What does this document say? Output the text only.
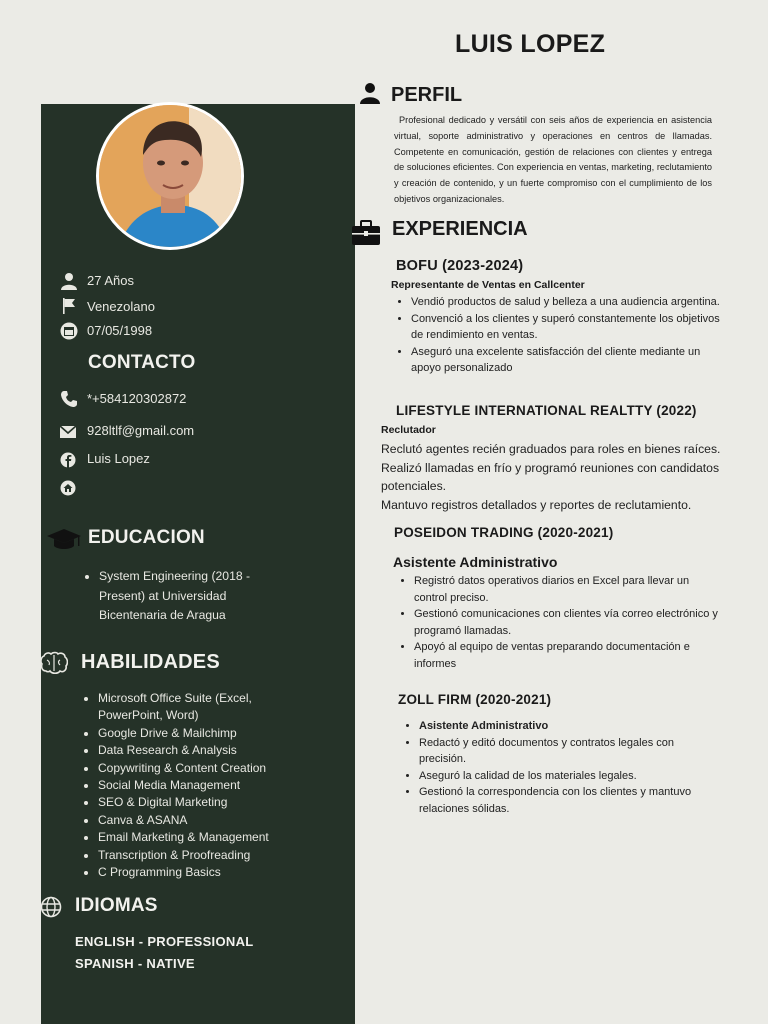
LUIS LOPEZ
27 Años
Venezolano
07/05/1998
CONTACTO
*+584120302872
928ltlf@gmail.com
Luis Lopez
EDUCACION
• System Engineering (2018 - Present) at Universidad Bicentenaria de Aragua
HABILIDADES
• Microsoft Office Suite (Excel, PowerPoint, Word)
• Google Drive & Mailchimp
• Data Research & Analysis
• Copywriting & Content Creation
• Social Media Management
• SEO & Digital Marketing
• Canva & ASANA
• Email Marketing & Management
• Transcription & Proofreading
• C Programming Basics
IDIOMAS
ENGLISH - PROFESSIONAL
SPANISH - NATIVE
PERFIL
Profesional dedicado y versátil con seis años de experiencia en asistencia virtual, soporte administrativo y operaciones en centros de llamadas. Competente en comunicación, gestión de relaciones con clientes y entrega de soluciones eficientes. Con experiencia en ventas, marketing, reclutamiento y creación de contenido, y un fuerte compromiso con el cumplimiento de los objetivos organizacionales.
EXPERIENCIA
BOFU (2023-2024)
Representante de Ventas en Callcenter
• Vendió productos de salud y belleza a una audiencia argentina.
• Convenció a los clientes y superó constantemente los objetivos de rendimiento en ventas.
• Aseguró una excelente satisfacción del cliente mediante un apoyo personalizado
LIFESTYLE INTERNATIONAL REALTTY (2022)
Reclutador
Reclutó agentes recién graduados para roles en bienes raíces.
Realizó llamadas en frío y programó reuniones con candidatos potenciales.
Mantuvo registros detallados y reportes de reclutamiento.
POSEIDON TRADING (2020-2021)
Asistente Administrativo
• Registró datos operativos diarios en Excel para llevar un control preciso.
• Gestionó comunicaciones con clientes vía correo electrónico y programó llamadas.
• Apoyó al equipo de ventas preparando documentación e informes
ZOLL FIRM (2020-2021)
• Asistente Administrativo
• Redactó y editó documentos y contratos legales con precisión.
• Aseguró la calidad de los materiales legales.
• Gestionó la correspondencia con los clientes y mantuvo relaciones sólidas.
